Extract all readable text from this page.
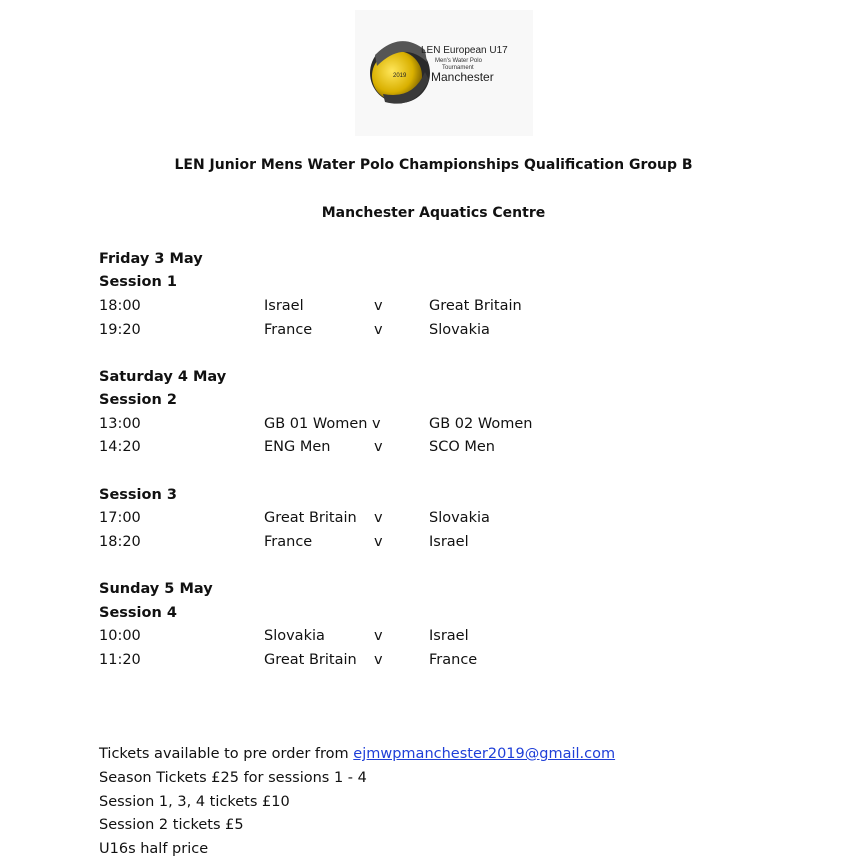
LEN European U17
Men's Water Polo
Tournament
2019 Manchester
LEN Junior Mens Water Polo Championships Qualification Group B
Manchester Aquatics Centre
Friday 3 May
Session 1
18:00	Israel	v	Great Britain
19:20	France	v	Slovakia
Saturday 4 May
Session 2
13:00	GB 01 Women v	GB 02 Women
14:20	ENG Men	v	SCO Men
Session 3
17:00	Great Britain v	Slovakia
18:20	France	v	Israel
Sunday 5 May
Session 4
10:00	Slovakia	v	Israel
11:20	Great Britain v	France
Tickets available to pre order from ejmwpmanchester2019@gmail.com
Season Tickets £25 for sessions 1 - 4
Session 1, 3, 4 tickets £10
Session 2 tickets £5
U16s half price
